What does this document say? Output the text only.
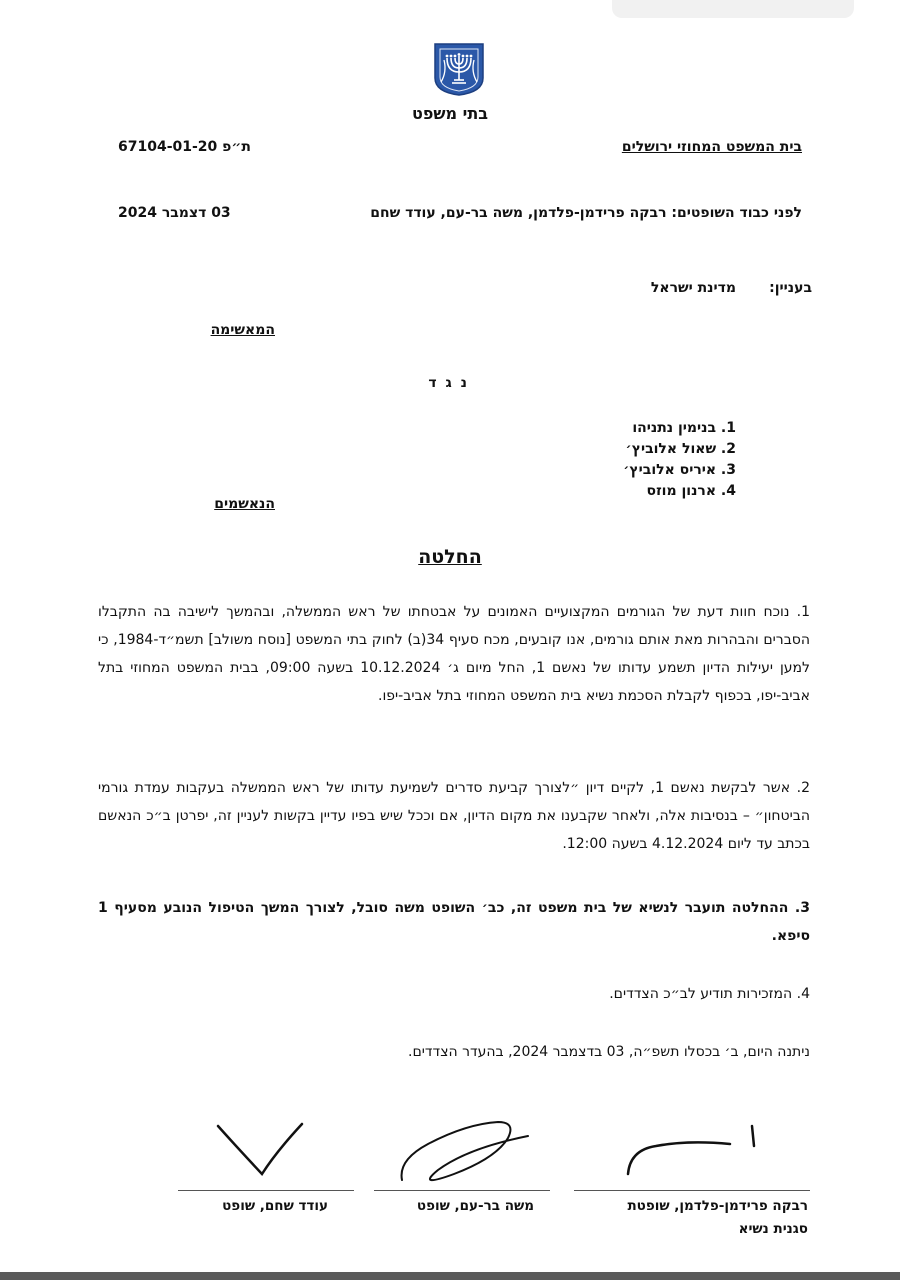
בתי משפט
בית המשפט המחוזי ירושלים
ת״פ 67104-01-20
לפני כבוד השופטים: רבקה פרידמן-פלדמן, משה בר-עם, עודד שחם
03 דצמבר 2024
בעניין:
מדינת ישראל
המאשימה
נ ג ד
1. בנימין נתניהו
2. שאול אלוביץ׳
3. איריס אלוביץ׳
4. ארנון מוזס
הנאשמים
החלטה
1. נוכח חוות דעת של הגורמים המקצועיים האמונים על אבטחתו של ראש הממשלה, ובהמשך לישיבה בה התקבלו הסברים והבהרות מאת אותם גורמים, אנו קובעים, מכח סעיף 34(ב) לחוק בתי המשפט [נוסח משולב] תשמ״ד-1984, כי למען יעילות הדיון תשמע עדותו של נאשם 1, החל מיום ג׳ 10.12.2024 בשעה 09:00, בבית המשפט המחוזי בתל אביב-יפו, בכפוף לקבלת הסכמת נשיא בית המשפט המחוזי בתל אביב-יפו.
2. אשר לבקשת נאשם 1, לקיים דיון ״לצורך קביעת סדרים לשמיעת עדותו של ראש הממשלה בעקבות עמדת גורמי הביטחון״ – בנסיבות אלה, ולאחר שקבענו את מקום הדיון, אם וככל שיש בפיו עדיין בקשות לעניין זה, יפרטן ב״כ הנאשם בכתב עד ליום 4.12.2024 בשעה 12:00.
3. ההחלטה תועבר לנשיא של בית משפט זה, כב׳ השופט משה סובל, לצורך המשך הטיפול הנובע מסעיף 1 סיפא.
4. המזכירות תודיע לב״כ הצדדים.
ניתנה היום, ב׳ בכסלו תשפ״ה, 03 בדצמבר 2024, בהעדר הצדדים.
רבקה פרידמן-פלדמן, שופטת
סגנית נשיא
משה בר-עם, שופט
עודד שחם, שופט
